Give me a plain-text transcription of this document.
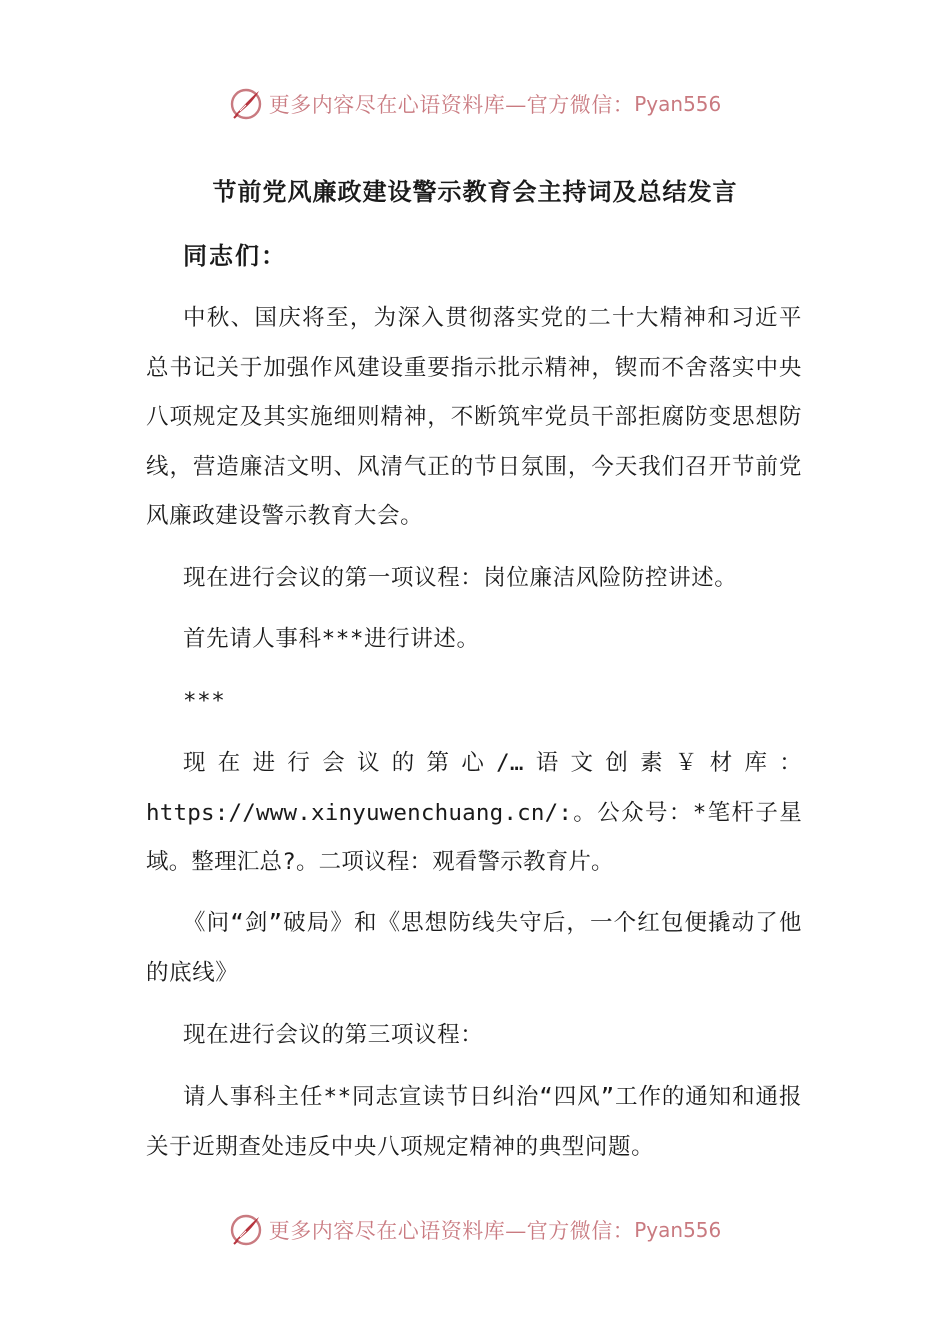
更多内容尽在心语资料库—官方微信： Pyan556
节前党风廉政建设警示教育会主持词及总结发言

同志们：

中秋、国庆将至，为深入贯彻落实党的二十大精神和习近平总书记关于加强作风建设重要指示批示精神，锲而不舍落实中央八项规定及其实施细则精神，不断筑牢党员干部拒腐防变思想防线，营造廉洁文明、风清气正的节日氛围，今天我们召开节前党风廉政建设警示教育大会。

现在进行会议的第一项议程：岗位廉洁风险防控讲述。

首先请人事科***进行讲述。

***

现在进行会议的第心/…语文创素￥材库：https://www.xinyuwenchuang.cn/:。公众号：*笔杆子星域。整理汇总?。二项议程：观看警示教育片。

《问“剑”破局》和《思想防线失守后，一个红包便撬动了他的底线》

现在进行会议的第三项议程：

请人事科主任**同志宣读节日纠治“四风”工作的通知和通报关于近期查处违反中央八项规定精神的典型问题。

更多内容尽在心语资料库—官方微信： Pyan556
